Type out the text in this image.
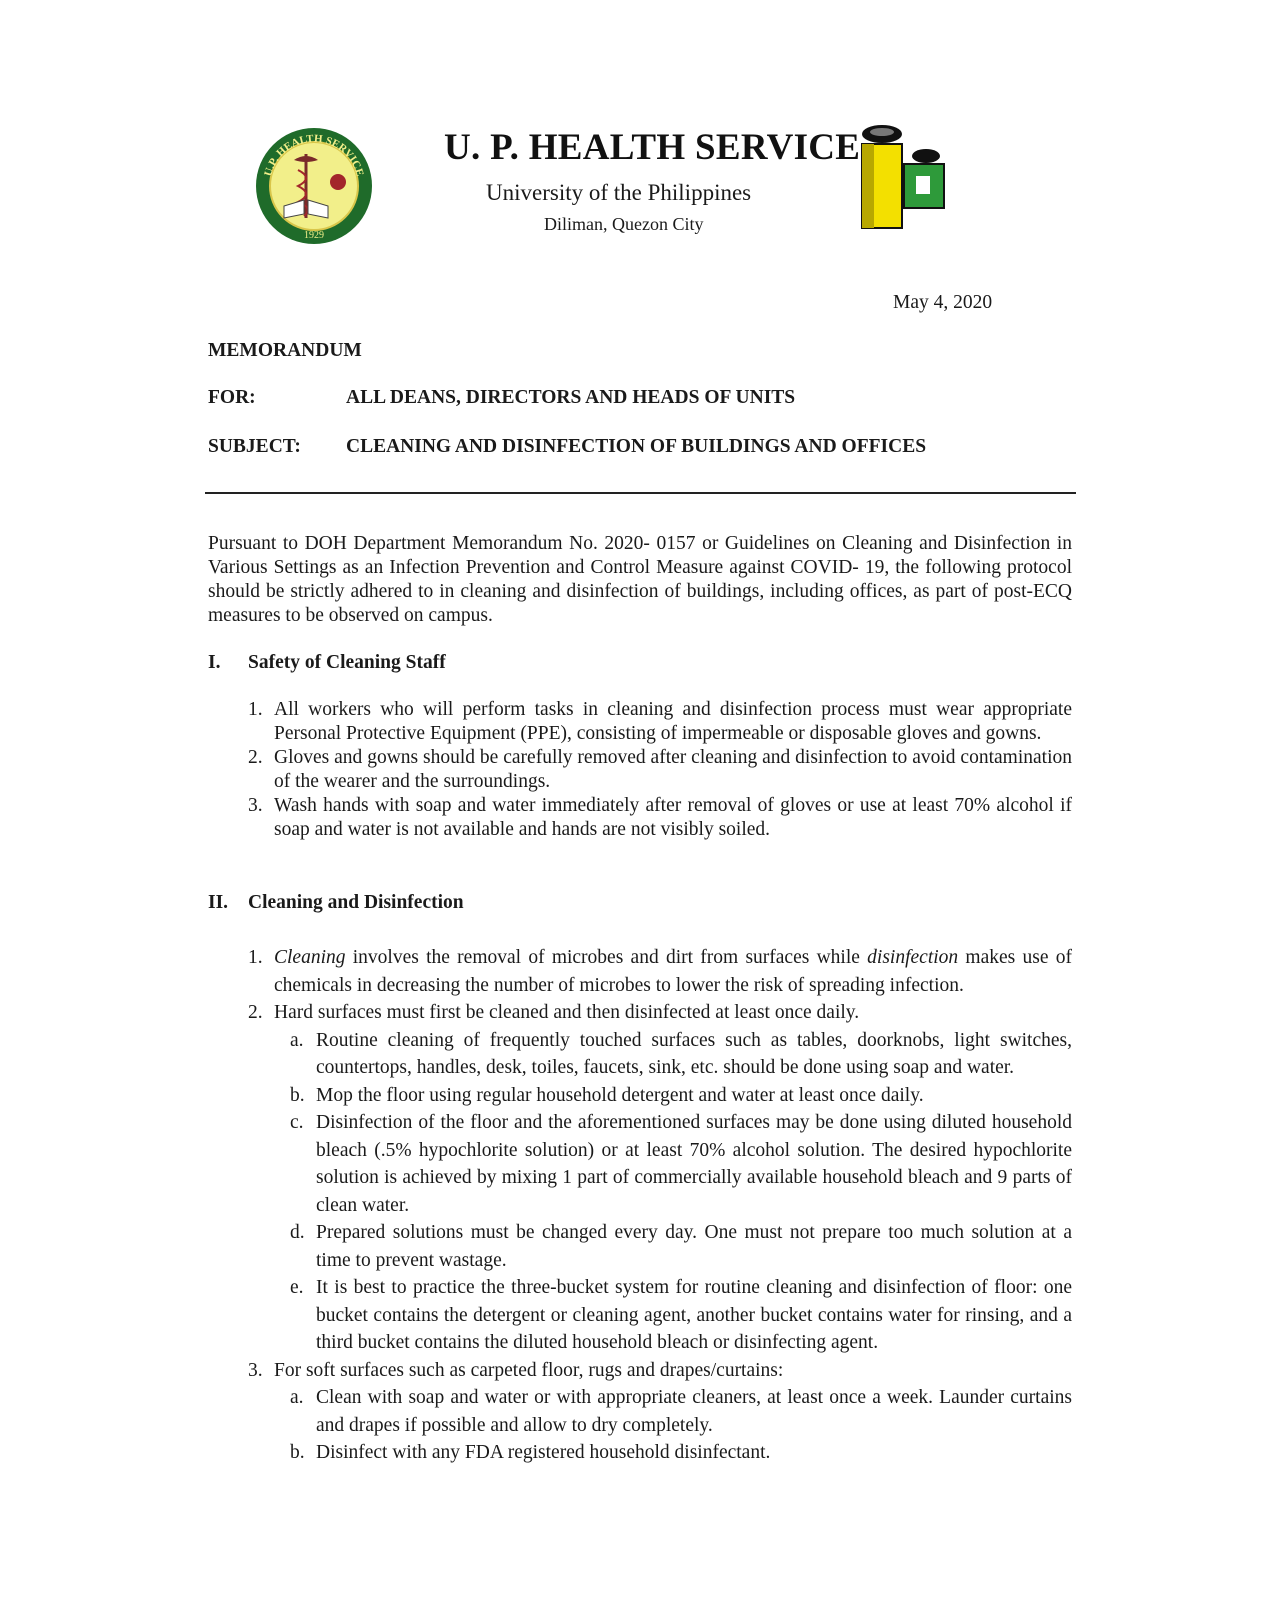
U.P. HEALTH SERVICE
1929
U. P. HEALTH SERVICE
University of the Philippines
Diliman, Quezon City
May 4, 2020
MEMORANDUM
FOR:	ALL DEANS, DIRECTORS AND HEADS OF UNITS
SUBJECT: CLEANING AND DISINFECTION OF BUILDINGS AND OFFICES
Pursuant to DOH Department Memorandum No. 2020- 0157 or Guidelines on Cleaning and Disinfection in Various Settings as an Infection Prevention and Control Measure against COVID- 19, the following protocol should be strictly adhered to in cleaning and disinfection of buildings, including offices, as part of post-ECQ measures to be observed on campus.
I. Safety of Cleaning Staff
1. All workers who will perform tasks in cleaning and disinfection process must wear appropriate Personal Protective Equipment (PPE), consisting of impermeable or disposable gloves and gowns.
2. Gloves and gowns should be carefully removed after cleaning and disinfection to avoid contamination of the wearer and the surroundings.
3. Wash hands with soap and water immediately after removal of gloves or use at least 70% alcohol if soap and water is not available and hands are not visibly soiled.
II. Cleaning and Disinfection
1. Cleaning involves the removal of microbes and dirt from surfaces while disinfection makes use of chemicals in decreasing the number of microbes to lower the risk of spreading infection.
2. Hard surfaces must first be cleaned and then disinfected at least once daily.
a. Routine cleaning of frequently touched surfaces such as tables, doorknobs, light switches, countertops, handles, desk, toiles, faucets, sink, etc. should be done using soap and water.
b. Mop the floor using regular household detergent and water at least once daily.
c. Disinfection of the floor and the aforementioned surfaces may be done using diluted household bleach (.5% hypochlorite solution) or at least 70% alcohol solution. The desired hypochlorite solution is achieved by mixing 1 part of commercially available household bleach and 9 parts of clean water.
d. Prepared solutions must be changed every day. One must not prepare too much solution at a time to prevent wastage.
e. It is best to practice the three-bucket system for routine cleaning and disinfection of floor: one bucket contains the detergent or cleaning agent, another bucket contains water for rinsing, and a third bucket contains the diluted household bleach or disinfecting agent.
3. For soft surfaces such as carpeted floor, rugs and drapes/curtains:
a. Clean with soap and water or with appropriate cleaners, at least once a week. Launder curtains and drapes if possible and allow to dry completely.
b. Disinfect with any FDA registered household disinfectant.
